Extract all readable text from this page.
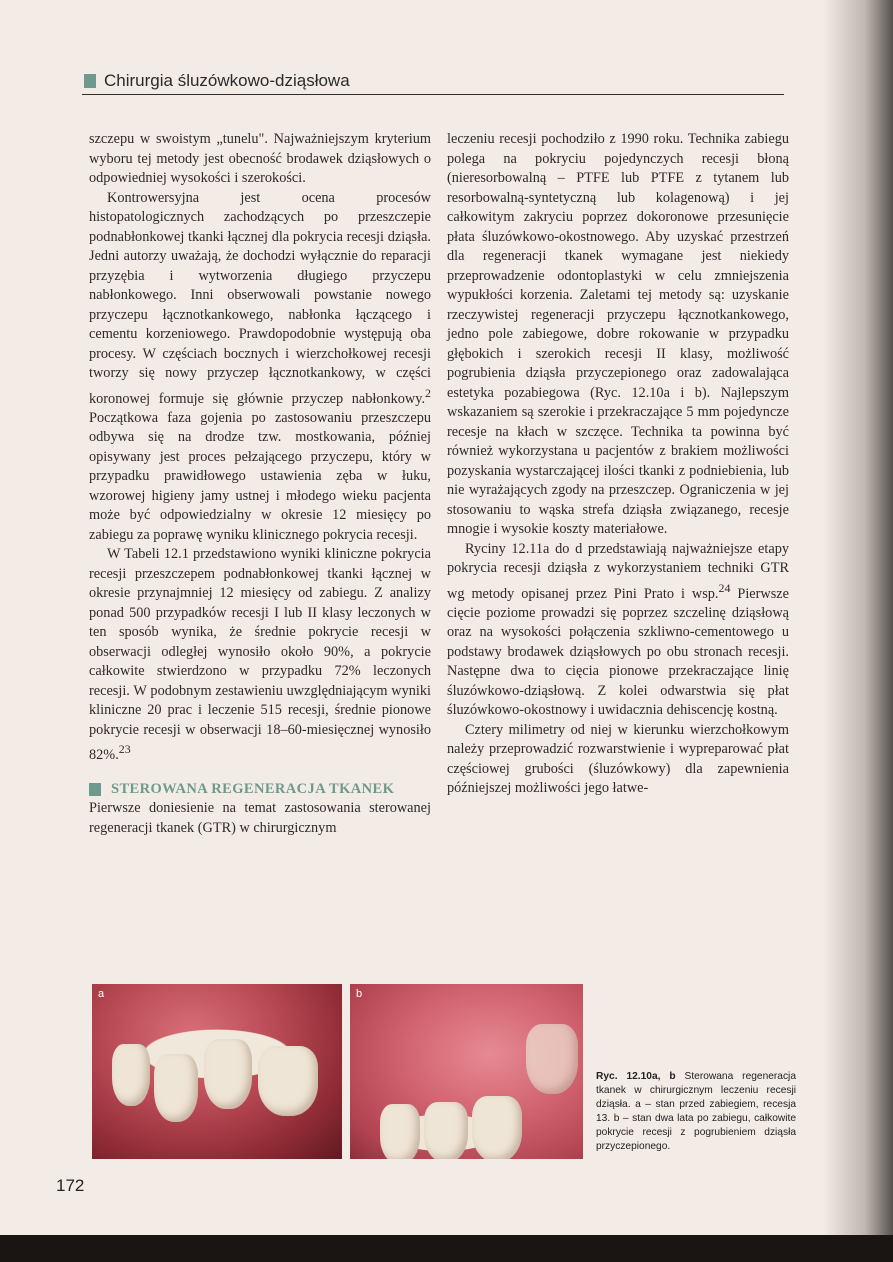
Chirurgia śluzówkowo-dziąsłowa

szczepu w swoistym „tunelu". Najważniejszym kryterium wyboru tej metody jest obecność brodawek dziąsłowych o odpowiedniej wysokości i szerokości.

Kontrowersyjna jest ocena procesów histopatologicznych zachodzących po przeszczepie podnabłonkowej tkanki łącznej dla pokrycia recesji dziąsła. Jedni autorzy uważają, że dochodzi wyłącznie do reparacji przyzębia i wytworzenia długiego przyczepu nabłonkowego. Inni obserwowali powstanie nowego przyczepu łącznotkankowego, nabłonka łączącego i cementu korzeniowego. Prawdopodobnie występują oba procesy. W częściach bocznych i wierzchołkowej recesji tworzy się nowy przyczep łącznotkankowy, w części koronowej formuje się głównie przyczep nabłonkowy.$^2$ Początkowa faza gojenia po zastosowaniu przeszczepu odbywa się na drodze tzw. mostkowania, później opisywany jest proces pełzającego przyczepu, który w przypadku prawidłowego ustawienia zęba w łuku, wzorowej higieny jamy ustnej i młodego wieku pacjenta może być odpowiedzialny w okresie 12 miesięcy po zabiegu za poprawę wyniku klinicznego pokrycia recesji.

W Tabeli 12.1 przedstawiono wyniki kliniczne pokrycia recesji przeszczepem podnabłonkowej tkanki łącznej w okresie przynajmniej 12 miesięcy od zabiegu. Z analizy ponad 500 przypadków recesji I lub II klasy leczonych w ten sposób wynika, że średnie pokrycie recesji w obserwacji odległej wynosiło około 90%, a pokrycie całkowite stwierdzono w przypadku 72% leczonych recesji. W podobnym zestawieniu uwzględniającym wyniki kliniczne 20 prac i leczenie 515 recesji, średnie pionowe pokrycie recesji w obserwacji 18–60-miesięcznej wynosiło 82%.$^{23}$

STEROWANA REGENERACJA TKANEK

Pierwsze doniesienie na temat zastosowania sterowanej regeneracji tkanek (GTR) w chirurgicznym

leczeniu recesji pochodziło z 1990 roku. Technika zabiegu polega na pokryciu pojedynczych recesji błoną (nieresorbowalną – PTFE lub PTFE z tytanem lub resorbowalną-syntetyczną lub kolagenową) i jej całkowitym zakryciu poprzez dokoronowe przesunięcie płata śluzówkowo-okostnowego. Aby uzyskać przestrzeń dla regeneracji tkanek wymagane jest niekiedy przeprowadzenie odontoplastyki w celu zmniejszenia wypukłości korzenia. Zaletami tej metody są: uzyskanie rzeczywistej regeneracji przyczepu łącznotkankowego, jedno pole zabiegowe, dobre rokowanie w przypadku głębokich i szerokich recesji II klasy, możliwość pogrubienia dziąsła przyczepionego oraz zadowalająca estetyka pozabiegowa (Ryc. 12.10a i b). Najlepszym wskazaniem są szerokie i przekraczające 5 mm pojedyncze recesje na kłach w szczęce. Technika ta powinna być również wykorzystana u pacjentów z brakiem możliwości pozyskania wystarczającej ilości tkanki z podniebienia, lub nie wyrażających zgody na przeszczep. Ograniczenia w jej stosowaniu to wąska strefa dziąsła związanego, recesje mnogie i wysokie koszty materiałowe.

Ryciny 12.11a do d przedstawiają najważniejsze etapy pokrycia recesji dziąsła z wykorzystaniem techniki GTR wg metody opisanej przez Pini Prato i wsp.$^{24}$ Pierwsze cięcie poziome prowadzi się poprzez szczelinę dziąsłową oraz na wysokości połączenia szkliwno-cementowego u podstawy brodawek dziąsłowych po obu stronach recesji. Następne dwa to cięcia pionowe przekraczające linię śluzówkowo-dziąsłową. Z kolei odwarstwia się płat śluzówkowo-okostnowy i uwidacznia dehiscencję kostną.

Cztery milimetry od niej w kierunku wierzchołkowym należy przeprowadzić rozwarstwienie i wypreparować płat częściowej grubości (śluzówkowy) dla zapewnienia późniejszej możliwości jego łatwe-

a	b
Ryc. 12.10a, b Sterowana regeneracja tkanek w chirurgicznym leczeniu recesji dziąsła. a – stan przed zabiegiem, recesja 13. b – stan dwa lata po zabiegu, całkowite pokrycie recesji z pogrubieniem dziąsła przyczepionego.
172
